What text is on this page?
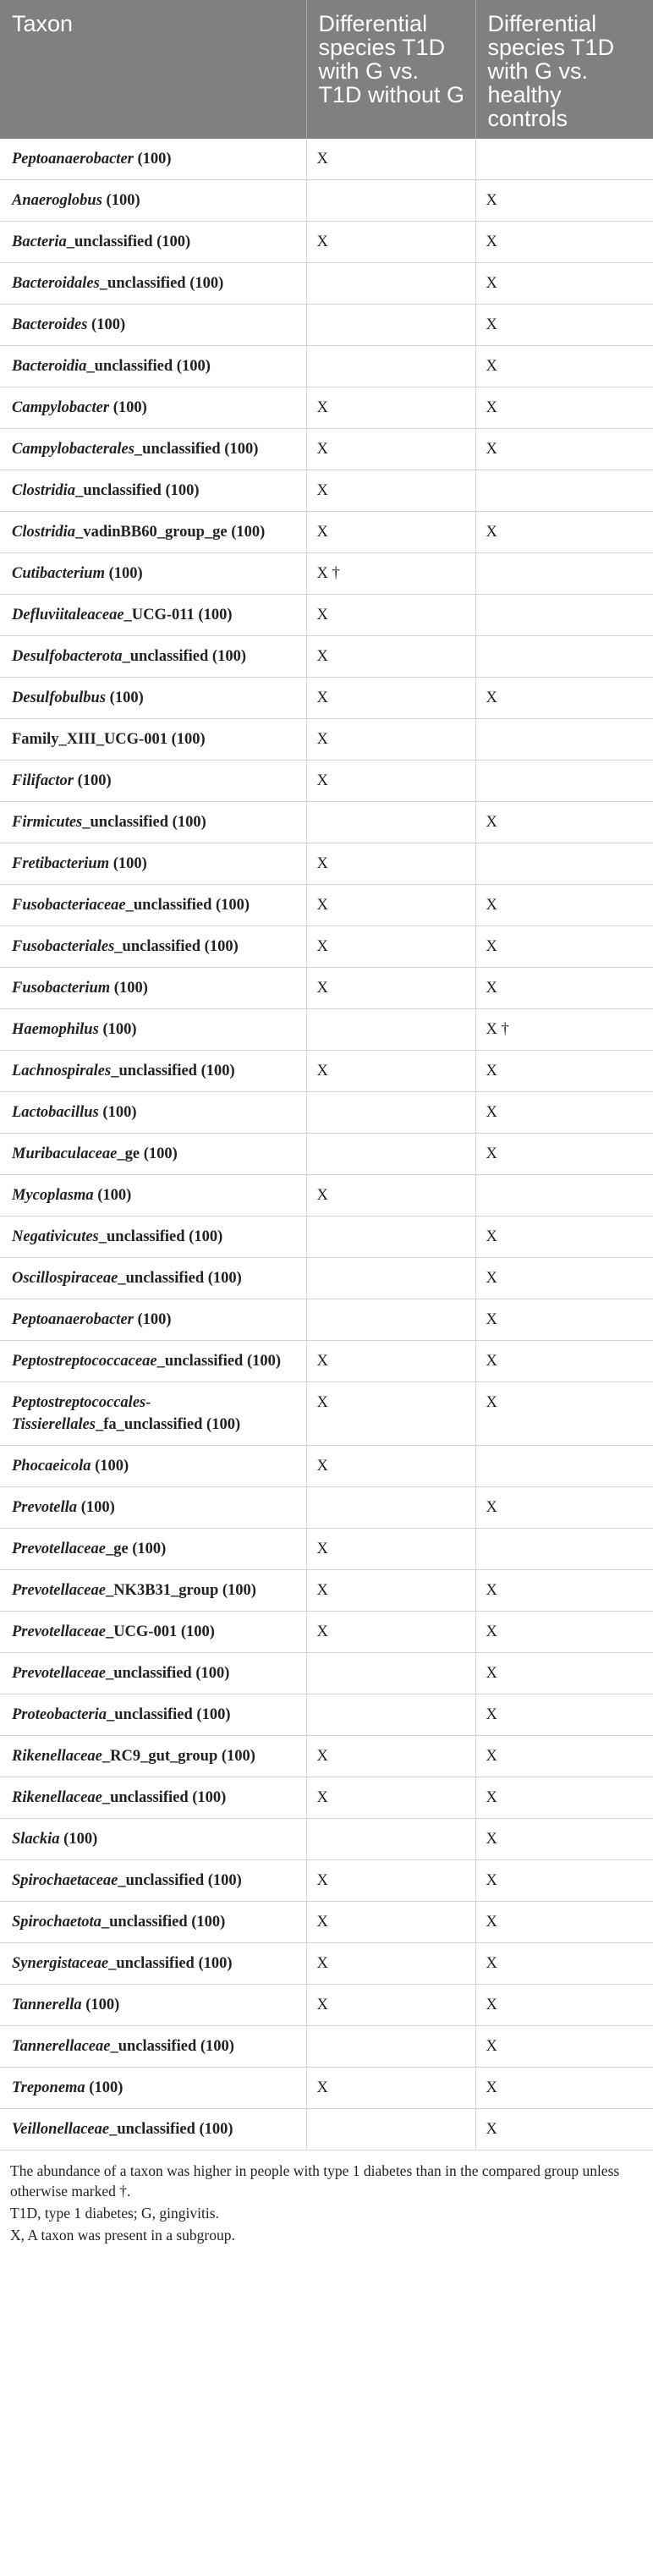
Taxon	Differential species T1D with G vs. T1D without G	Differential species T1D with G vs. healthy controls
Peptoanaerobacter (100)	X	
Anaeroglobus (100)		X
Bacteria_unclassified (100)	X	X
Bacteroidales_unclassified (100)		X
Bacteroides (100)		X
Bacteroidia_unclassified (100)		X
Campylobacter (100)	X	X
Campylobacterales_unclassified (100)	X	X
Clostridia_unclassified (100)	X	
Clostridia_vadinBB60_group_ge (100)	X	X
Cutibacterium (100)	X †	
Defluviitaleaceae_UCG-011 (100)	X	
Desulfobacterota_unclassified (100)	X	
Desulfobulbus (100)	X	X
Family_XIII_UCG-001 (100)	X	
Filifactor (100)	X	
Firmicutes_unclassified (100)		X
Fretibacterium (100)	X	
Fusobacteriaceae_unclassified (100)	X	X
Fusobacteriales_unclassified (100)	X	X
Fusobacterium (100)	X	X
Haemophilus (100)		X †
Lachnospirales_unclassified (100)	X	X
Lactobacillus (100)		X
Muribaculaceae_ge (100)		X
Mycoplasma (100)	X	
Negativicutes_unclassified (100)		X
Oscillospiraceae_unclassified (100)		X
Peptoanaerobacter (100)		X
Peptostreptococcaceae_unclassified (100)	X	X
Peptostreptococcales-Tissierellales_fa_unclassified (100)	X	X
Phocaeicola (100)	X	
Prevotella (100)		X
Prevotellaceae_ge (100)	X	
Prevotellaceae_NK3B31_group (100)	X	X
Prevotellaceae_UCG-001 (100)	X	X
Prevotellaceae_unclassified (100)		X
Proteobacteria_unclassified (100)		X
Rikenellaceae_RC9_gut_group (100)	X	X
Rikenellaceae_unclassified (100)	X	X
Slackia (100)		X
Spirochaetaceae_unclassified (100)	X	X
Spirochaetota_unclassified (100)	X	X
Synergistaceae_unclassified (100)	X	X
Tannerella (100)	X	X
Tannerellaceae_unclassified (100)		X
Treponema (100)	X	X
Veillonellaceae_unclassified (100)		X

The abundance of a taxon was higher in people with type 1 diabetes than in the compared group unless otherwise marked †.

T1D, type 1 diabetes; G, gingivitis.

X, A taxon was present in a subgroup.
